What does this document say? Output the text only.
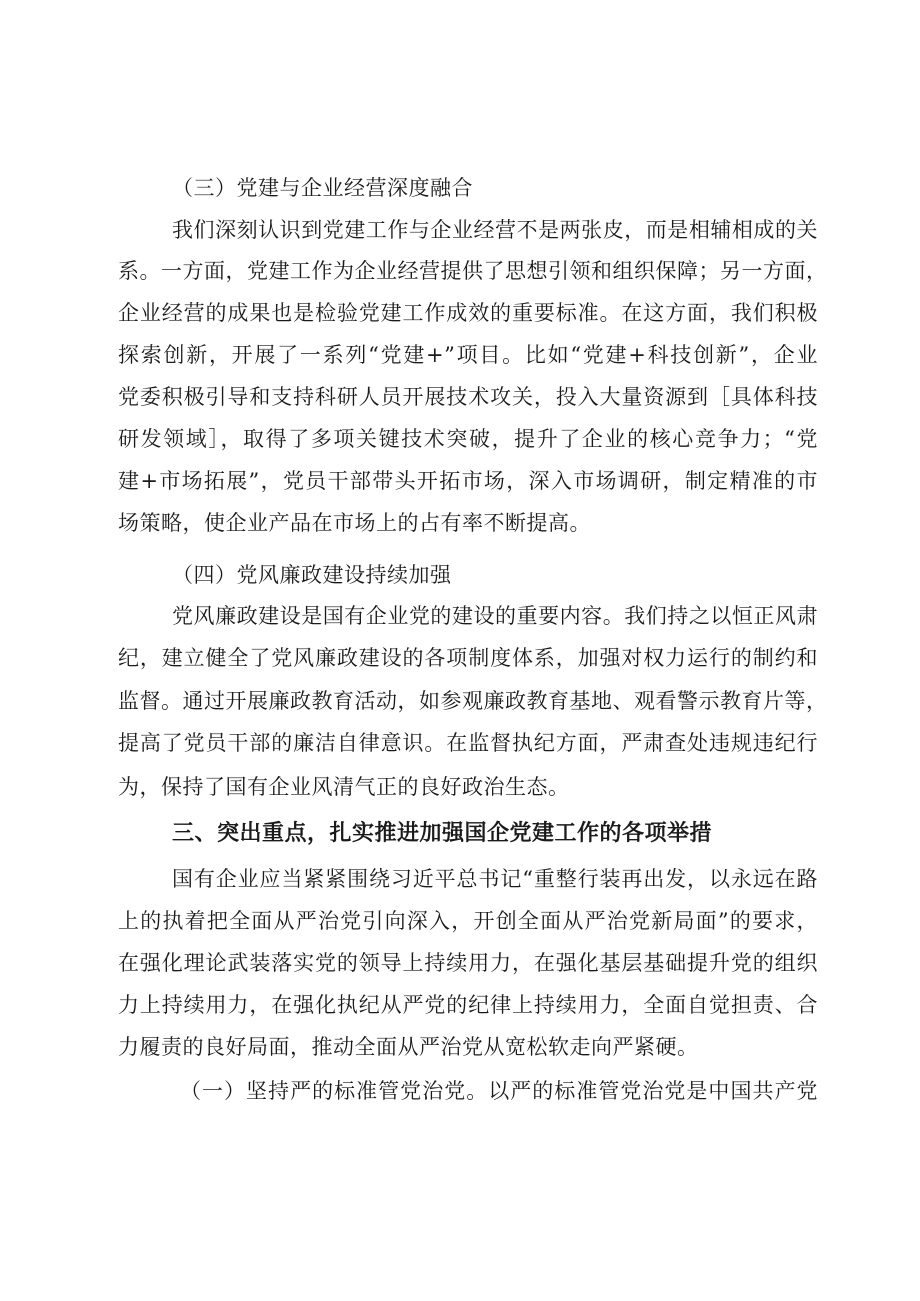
（三）党建与企业经营深度融合
我们深刻认识到党建工作与企业经营不是两张皮，而是相辅相成的关
系。一方面，党建工作为企业经营提供了思想引领和组织保障；另一方面，
企业经营的成果也是检验党建工作成效的重要标准。在这方面，我们积极
探索创新，开展了一系列“党建+”项目。比如“党建+科技创新”，企业
党委积极引导和支持科研人员开展技术攻关，投入大量资源到［具体科技
研发领域］，取得了多项关键技术突破，提升了企业的核心竞争力；“党
建+市场拓展”，党员干部带头开拓市场，深入市场调研，制定精准的市
场策略，使企业产品在市场上的占有率不断提高。
（四）党风廉政建设持续加强
党风廉政建设是国有企业党的建设的重要内容。我们持之以恒正风肃
纪，建立健全了党风廉政建设的各项制度体系，加强对权力运行的制约和
监督。通过开展廉政教育活动，如参观廉政教育基地、观看警示教育片等，
提高了党员干部的廉洁自律意识。在监督执纪方面，严肃查处违规违纪行
为，保持了国有企业风清气正的良好政治生态。
三、突出重点，扎实推进加强国企党建工作的各项举措
国有企业应当紧紧围绕习近平总书记“重整行装再出发，以永远在路
上的执着把全面从严治党引向深入，开创全面从严治党新局面”的要求，
在强化理论武装落实党的领导上持续用力，在强化基层基础提升党的组织
力上持续用力，在强化执纪从严党的纪律上持续用力，全面自觉担责、合
力履责的良好局面，推动全面从严治党从宽松软走向严紧硬。
（一）坚持严的标准管党治党。以严的标准管党治党是中国共产党
